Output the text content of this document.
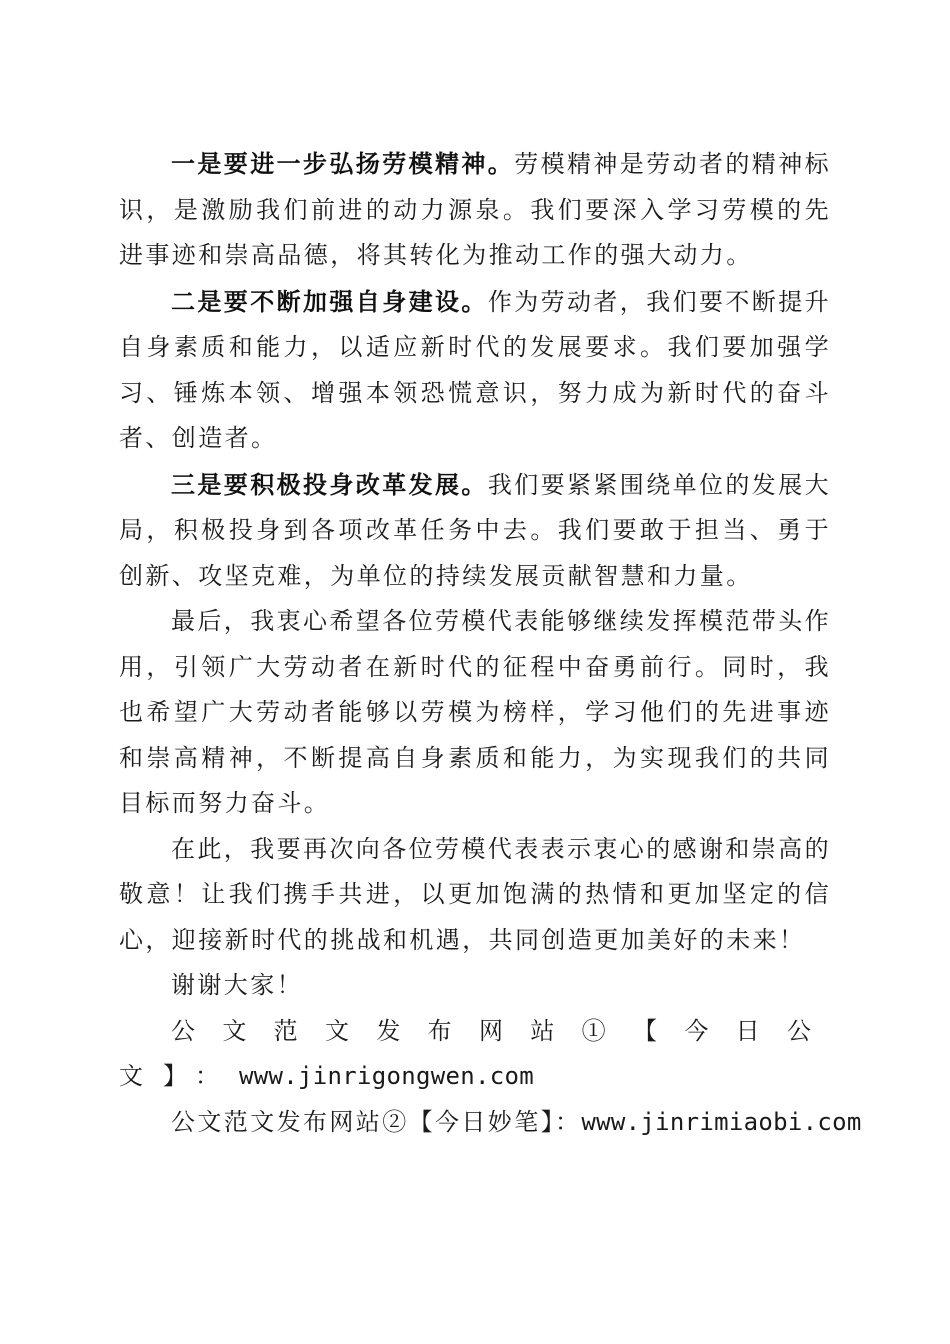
一是要进一步弘扬劳模精神。劳模精神是劳动者的精神标识，是激励我们前进的动力源泉。我们要深入学习劳模的先进事迹和崇高品德，将其转化为推动工作的强大动力。

二是要不断加强自身建设。作为劳动者，我们要不断提升自身素质和能力，以适应新时代的发展要求。我们要加强学习、锤炼本领、增强本领恐慌意识，努力成为新时代的奋斗者、创造者。

三是要积极投身改革发展。我们要紧紧围绕单位的发展大局，积极投身到各项改革任务中去。我们要敢于担当、勇于创新、攻坚克难，为单位的持续发展贡献智慧和力量。

最后，我衷心希望各位劳模代表能够继续发挥模范带头作用，引领广大劳动者在新时代的征程中奋勇前行。同时，我也希望广大劳动者能够以劳模为榜样，学习他们的先进事迹和崇高精神，不断提高自身素质和能力，为实现我们的共同目标而努力奋斗。

在此，我要再次向各位劳模代表表示衷心的感谢和崇高的敬意！让我们携手共进，以更加饱满的热情和更加坚定的信心，迎接新时代的挑战和机遇，共同创造更加美好的未来！

谢谢大家！

公文范文发布网站①【今日公文】：www.jinrigongwen.com

公文范文发布网站②【今日妙笔】：www.jinrimiaobi.com
